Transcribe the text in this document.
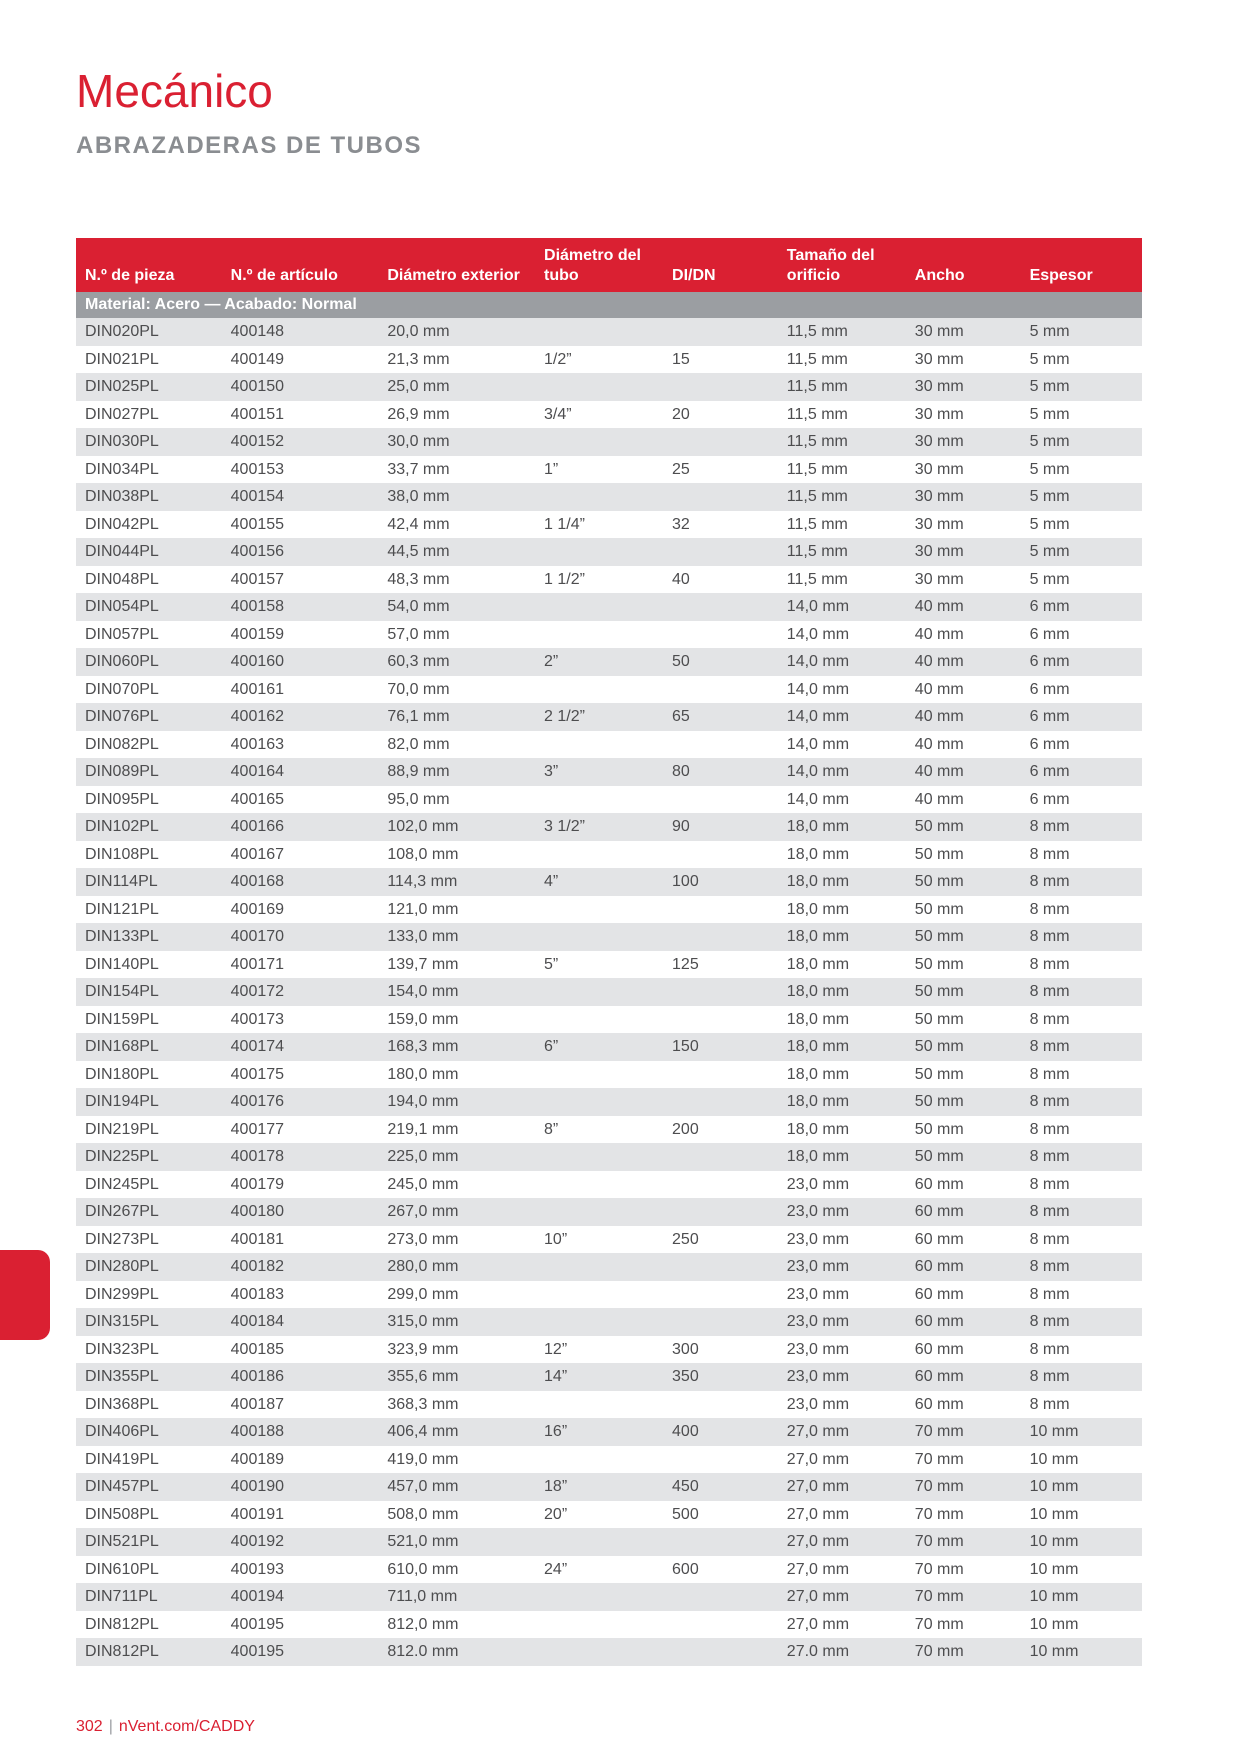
Mecánico
ABRAZADERAS DE TUBOS
N.º de pieza	N.º de artículo	Diámetro exterior	Diámetro del tubo	DI/DN	Tamaño del orificio	Ancho	Espesor
Material: Acero — Acabado: Normal							
DIN020PL	400148	20,0 mm			11,5 mm	30 mm	5 mm
DIN021PL	400149	21,3 mm	1/2”	15	11,5 mm	30 mm	5 mm
DIN025PL	400150	25,0 mm			11,5 mm	30 mm	5 mm
DIN027PL	400151	26,9 mm	3/4”	20	11,5 mm	30 mm	5 mm
DIN030PL	400152	30,0 mm			11,5 mm	30 mm	5 mm
DIN034PL	400153	33,7 mm	1”	25	11,5 mm	30 mm	5 mm
DIN038PL	400154	38,0 mm			11,5 mm	30 mm	5 mm
DIN042PL	400155	42,4 mm	1 1/4”	32	11,5 mm	30 mm	5 mm
DIN044PL	400156	44,5 mm			11,5 mm	30 mm	5 mm
DIN048PL	400157	48,3 mm	1 1/2”	40	11,5 mm	30 mm	5 mm
DIN054PL	400158	54,0 mm			14,0 mm	40 mm	6 mm
DIN057PL	400159	57,0 mm			14,0 mm	40 mm	6 mm
DIN060PL	400160	60,3 mm	2”	50	14,0 mm	40 mm	6 mm
DIN070PL	400161	70,0 mm			14,0 mm	40 mm	6 mm
DIN076PL	400162	76,1 mm	2 1/2”	65	14,0 mm	40 mm	6 mm
DIN082PL	400163	82,0 mm			14,0 mm	40 mm	6 mm
DIN089PL	400164	88,9 mm	3”	80	14,0 mm	40 mm	6 mm
DIN095PL	400165	95,0 mm			14,0 mm	40 mm	6 mm
DIN102PL	400166	102,0 mm	3 1/2”	90	18,0 mm	50 mm	8 mm
DIN108PL	400167	108,0 mm			18,0 mm	50 mm	8 mm
DIN114PL	400168	114,3 mm	4”	100	18,0 mm	50 mm	8 mm
DIN121PL	400169	121,0 mm			18,0 mm	50 mm	8 mm
DIN133PL	400170	133,0 mm			18,0 mm	50 mm	8 mm
DIN140PL	400171	139,7 mm	5”	125	18,0 mm	50 mm	8 mm
DIN154PL	400172	154,0 mm			18,0 mm	50 mm	8 mm
DIN159PL	400173	159,0 mm			18,0 mm	50 mm	8 mm
DIN168PL	400174	168,3 mm	6”	150	18,0 mm	50 mm	8 mm
DIN180PL	400175	180,0 mm			18,0 mm	50 mm	8 mm
DIN194PL	400176	194,0 mm			18,0 mm	50 mm	8 mm
DIN219PL	400177	219,1 mm	8”	200	18,0 mm	50 mm	8 mm
DIN225PL	400178	225,0 mm			18,0 mm	50 mm	8 mm
DIN245PL	400179	245,0 mm			23,0 mm	60 mm	8 mm
DIN267PL	400180	267,0 mm			23,0 mm	60 mm	8 mm
DIN273PL	400181	273,0 mm	10”	250	23,0 mm	60 mm	8 mm
DIN280PL	400182	280,0 mm			23,0 mm	60 mm	8 mm
DIN299PL	400183	299,0 mm			23,0 mm	60 mm	8 mm
DIN315PL	400184	315,0 mm			23,0 mm	60 mm	8 mm
DIN323PL	400185	323,9 mm	12”	300	23,0 mm	60 mm	8 mm
DIN355PL	400186	355,6 mm	14”	350	23,0 mm	60 mm	8 mm
DIN368PL	400187	368,3 mm			23,0 mm	60 mm	8 mm
DIN406PL	400188	406,4 mm	16”	400	27,0 mm	70 mm	10 mm
DIN419PL	400189	419,0 mm			27,0 mm	70 mm	10 mm
DIN457PL	400190	457,0 mm	18”	450	27,0 mm	70 mm	10 mm
DIN508PL	400191	508,0 mm	20”	500	27,0 mm	70 mm	10 mm
DIN521PL	400192	521,0 mm			27,0 mm	70 mm	10 mm
DIN610PL	400193	610,0 mm	24”	600	27,0 mm	70 mm	10 mm
DIN711PL	400194	711,0 mm			27,0 mm	70 mm	10 mm
DIN812PL	400195	812,0 mm			27,0 mm	70 mm	10 mm
DIN812PL	400195	812.0 mm			27.0 mm	70 mm	10 mm
302 | nVent.com/CADDY
